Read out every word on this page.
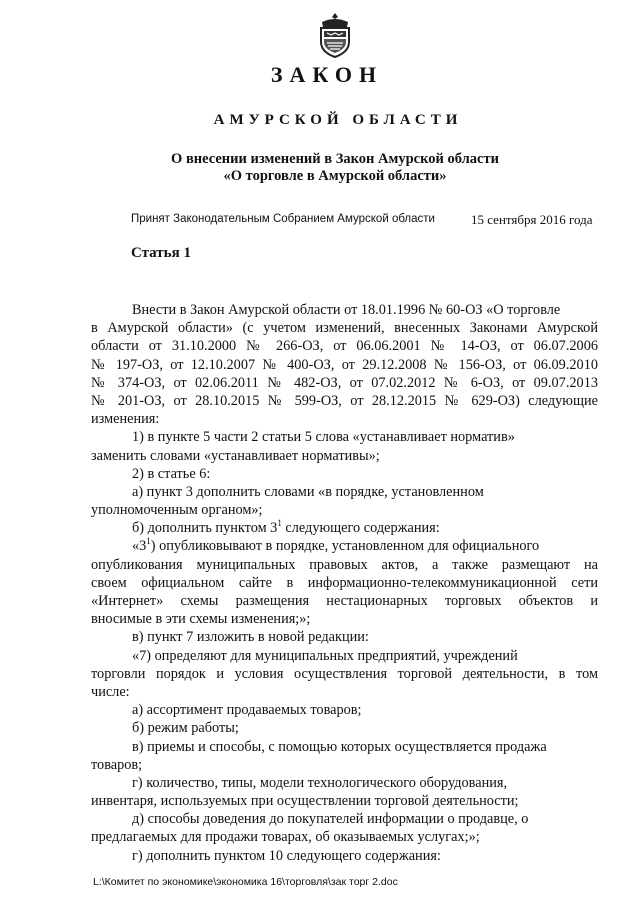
ЗАКОН
АМУРСКОЙ ОБЛАСТИ
О внесении изменений в Закон Амурской области
«О торговле в Амурской области»
Принят Законодательным Собранием Амурской области	15 сентября 2016 года
Статья 1
Внести в Закон Амурской области от 18.01.1996 № 60-ОЗ «О торговле
в Амурской области» (с учетом изменений, внесенных Законами Амурской
области от 31.10.2000 № 266-ОЗ, от 06.06.2001 № 14-ОЗ, от 06.07.2006
№ 197-ОЗ, от 12.10.2007 № 400-ОЗ, от 29.12.2008 № 156-ОЗ, от 06.09.2010
№ 374-ОЗ, от 02.06.2011 № 482-ОЗ, от 07.02.2012 № 6-ОЗ, от 09.07.2013
№ 201-ОЗ, от 28.10.2015 № 599-ОЗ, от 28.12.2015 № 629-ОЗ) следующие
изменения:
1) в пункте 5 части 2 статьи 5 слова «устанавливает норматив»
заменить словами «устанавливает нормативы»;
2) в статье 6:
а) пункт 3 дополнить словами «в порядке, установленном
уполномоченным органом»;
б) дополнить пунктом $3^1$ следующего содержания:
«$3^1$) опубликовывают в порядке, установленном для официального
опубликования муниципальных правовых актов, а также размещают на
своем официальном сайте в информационно-телекоммуникационной сети
«Интернет» схемы размещения нестационарных торговых объектов и
вносимые в эти схемы изменения;»;
в) пункт 7 изложить в новой редакции:
«7) определяют для муниципальных предприятий, учреждений
торговли порядок и условия осуществления торговой деятельности, в том
числе:
а) ассортимент продаваемых товаров;
б) режим работы;
в) приемы и способы, с помощью которых осуществляется продажа
товаров;
г) количество, типы, модели технологического оборудования,
инвентаря, используемых при осуществлении торговой деятельности;
д) способы доведения до покупателей информации о продавце, о
предлагаемых для продажи товарах, об оказываемых услугах;»;
г) дополнить пунктом 10 следующего содержания:
L:\Комитет по экономике\экономика 16\торговля\зак торг 2.doc
